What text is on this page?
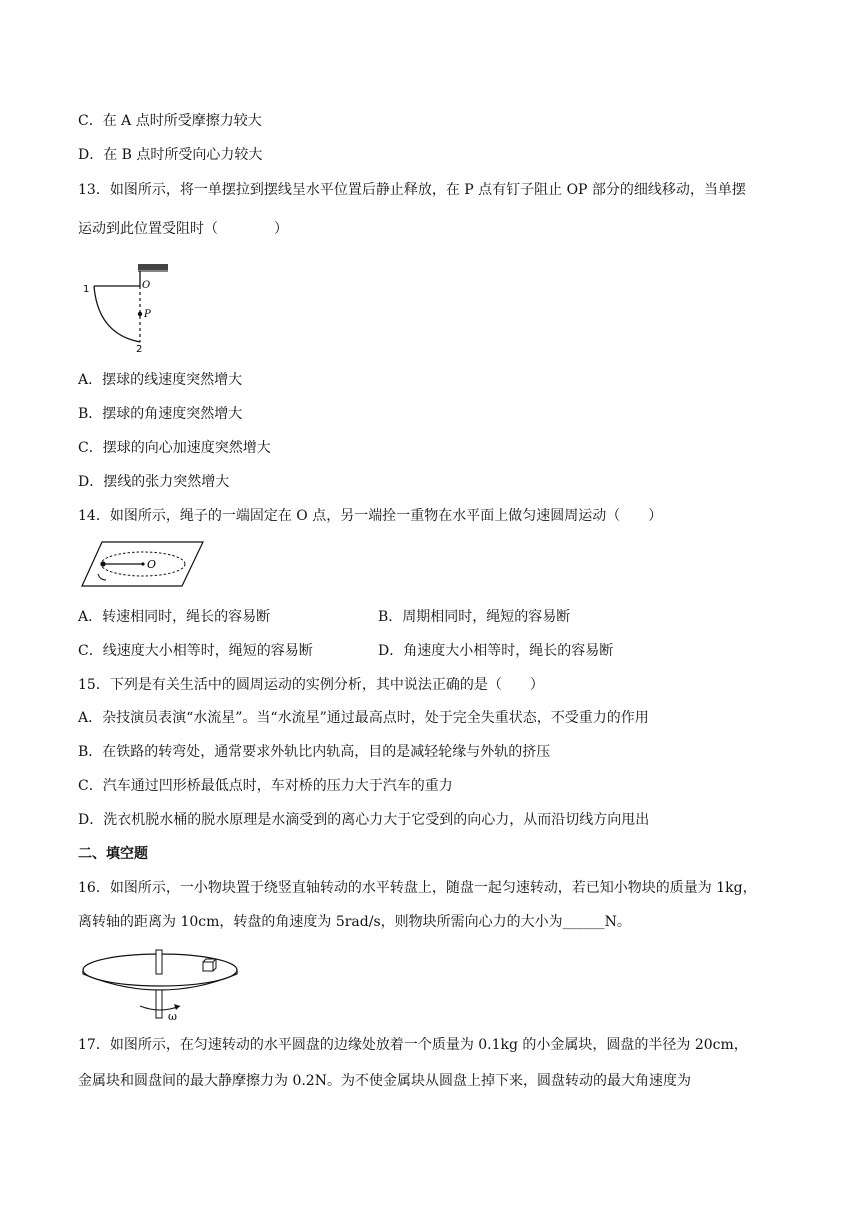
C．在 A 点时所受摩擦力较大
D．在 B 点时所受向心力较大
13．如图所示，将一单摆拉到摆线呈水平位置后静止释放，在 P 点有钉子阻止 OP 部分的细线移动，当单摆
运动到此位置受阻时（　　　　）
1	O
P
2
A．摆球的线速度突然增大
B．摆球的角速度突然增大
C．摆球的向心加速度突然增大
D．摆线的张力突然增大
14．如图所示，绳子的一端固定在 O 点，另一端拴一重物在水平面上做匀速圆周运动（　　）
O
A．转速相同时，绳长的容易断	B．周期相同时，绳短的容易断
C．线速度大小相等时，绳短的容易断	D．角速度大小相等时，绳长的容易断
15．下列是有关生活中的圆周运动的实例分析，其中说法正确的是（　　）
A．杂技演员表演“水流星”。当“水流星”通过最高点时，处于完全失重状态，不受重力的作用
B．在铁路的转弯处，通常要求外轨比内轨高，目的是减轻轮缘与外轨的挤压
C．汽车通过凹形桥最低点时，车对桥的压力大于汽车的重力
D．洗衣机脱水桶的脱水原理是水滴受到的离心力大于它受到的向心力，从而沿切线方向甩出
二、填空题
16．如图所示，一小物块置于绕竖直轴转动的水平转盘上，随盘一起匀速转动，若已知小物块的质量为 1kg，
离转轴的距离为 10cm，转盘的角速度为 5rad/s，则物块所需向心力的大小为______N。
ω
17．如图所示，在匀速转动的水平圆盘的边缘处放着一个质量为 0.1kg 的小金属块，圆盘的半径为 20cm，
金属块和圆盘间的最大静摩擦力为 0.2N。为不使金属块从圆盘上掉下来，圆盘转动的最大角速度为
